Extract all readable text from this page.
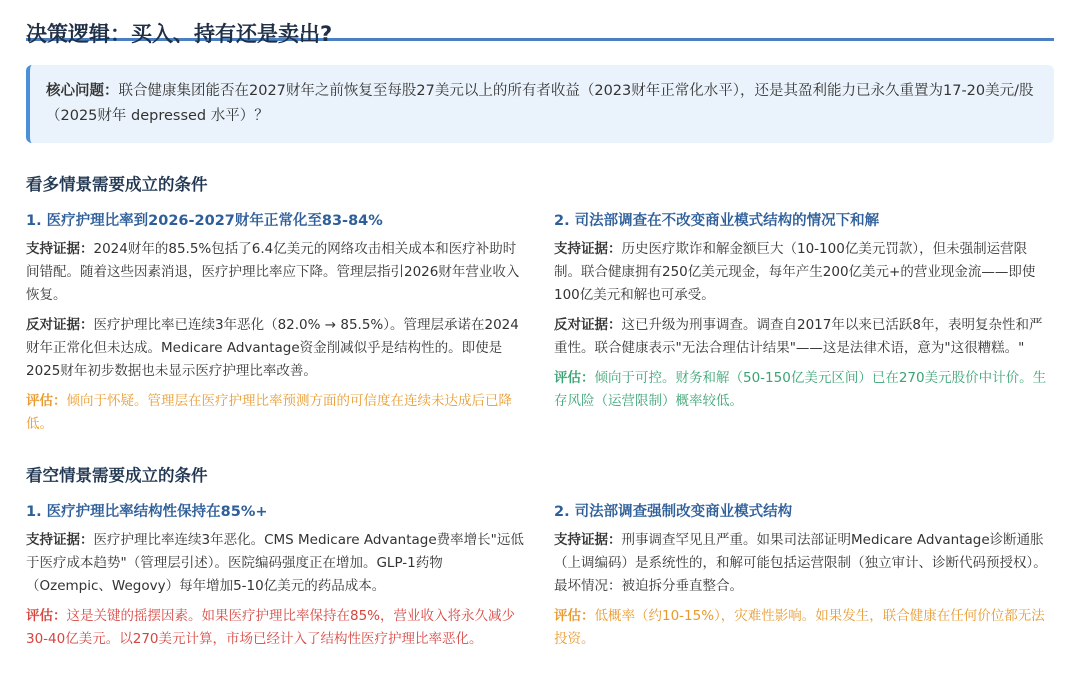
决策逻辑：买入、持有还是卖出?
核心问题：联合健康集团能否在2027财年之前恢复至每股27美元以上的所有者收益（2023财年正常化水平），还是其盈利能力已永久重置为17-20美元/股（2025财年 depressed 水平）？
看多情景需要成立的条件
1. 医疗护理比率到2026-2027财年正常化至83-84%

支持证据：2024财年的85.5%包括了6.4亿美元的网络攻击相关成本和医疗补助时间错配。随着这些因素消退，医疗护理比率应下降。管理层指引2026财年营业收入恢复。

反对证据：医疗护理比率已连续3年恶化（82.0% → 85.5%）。管理层承诺在2024财年正常化但未达成。Medicare Advantage资金削减似乎是结构性的。即使是2025财年初步数据也未显示医疗护理比率改善。

评估：倾向于怀疑。管理层在医疗护理比率预测方面的可信度在连续未达成后已降低。

2. 司法部调查在不改变商业模式结构的情况下和解

支持证据：历史医疗欺诈和解金额巨大（10-100亿美元罚款），但未强制运营限制。联合健康拥有250亿美元现金，每年产生200亿美元+的营业现金流——即使100亿美元和解也可承受。

反对证据：这已升级为刑事调查。调查自2017年以来已活跃8年，表明复杂性和严重性。联合健康表示"无法合理估计结果"——这是法律术语，意为"这很糟糕。"

评估：倾向于可控。财务和解（50-150亿美元区间）已在270美元股价中计价。生存风险（运营限制）概率较低。

看空情景需要成立的条件
1. 医疗护理比率结构性保持在85%+

支持证据：医疗护理比率连续3年恶化。CMS Medicare Advantage费率增长"远低于医疗成本趋势"（管理层引述）。医院编码强度正在增加。GLP-1药物（Ozempic、Wegovy）每年增加5-10亿美元的药品成本。

评估：这是关键的摇摆因素。如果医疗护理比率保持在85%，营业收入将永久减少30-40亿美元。以270美元计算，市场已经计入了结构性医疗护理比率恶化。

2. 司法部调查强制改变商业模式结构

支持证据：刑事调查罕见且严重。如果司法部证明Medicare Advantage诊断通胀（上调编码）是系统性的，和解可能包括运营限制（独立审计、诊断代码预授权）。最坏情况：被迫拆分垂直整合。

评估：低概率（约10-15%），灾难性影响。如果发生，联合健康在任何价位都无法投资。
